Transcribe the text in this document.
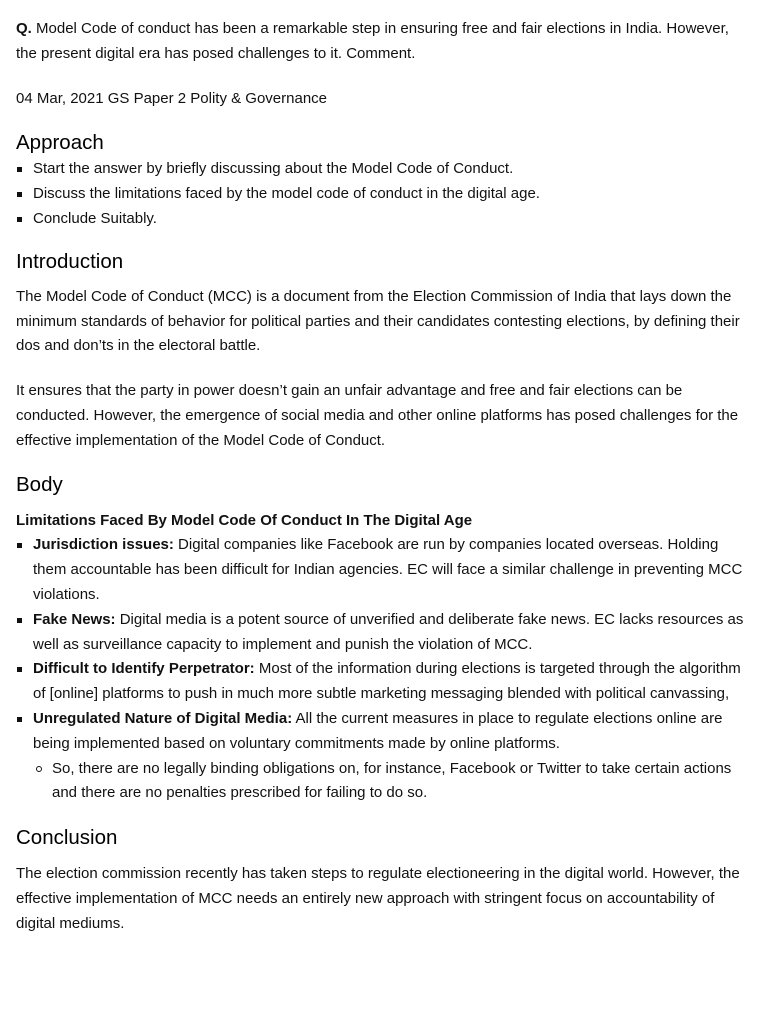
Q. Model Code of conduct has been a remarkable step in ensuring free and fair elections in India. However, the present digital era has posed challenges to it. Comment.

04 Mar, 2021 GS Paper 2 Polity & Governance

Approach
Start the answer by briefly discussing about the Model Code of Conduct.
Discuss the limitations faced by the model code of conduct in the digital age.
Conclude Suitably.
Introduction

The Model Code of Conduct (MCC) is a document from the Election Commission of India that lays down the minimum standards of behavior for political parties and their candidates contesting elections, by defining their dos and don’ts in the electoral battle.

It ensures that the party in power doesn’t gain an unfair advantage and free and fair elections can be conducted. However, the emergence of social media and other online platforms has posed challenges for the effective implementation of the Model Code of Conduct.

Body

Limitations Faced By Model Code Of Conduct In The Digital Age

Jurisdiction issues: Digital companies like Facebook are run by companies located overseas. Holding them accountable has been difficult for Indian agencies. EC will face a similar challenge in preventing MCC violations.
Fake News: Digital media is a potent source of unverified and deliberate fake news. EC lacks resources as well as surveillance capacity to implement and punish the violation of MCC.
Difficult to Identify Perpetrator: Most of the information during elections is targeted through the algorithm of [online] platforms to push in much more subtle marketing messaging blended with political canvassing,
Unregulated Nature of Digital Media: All the current measures in place to regulate elections online are being implemented based on voluntary commitments made by online platforms.
So, there are no legally binding obligations on, for instance, Facebook or Twitter to take certain actions and there are no penalties prescribed for failing to do so.
Conclusion

The election commission recently has taken steps to regulate electioneering in the digital world. However, the effective implementation of MCC needs an entirely new approach with stringent focus on accountability of digital mediums.
